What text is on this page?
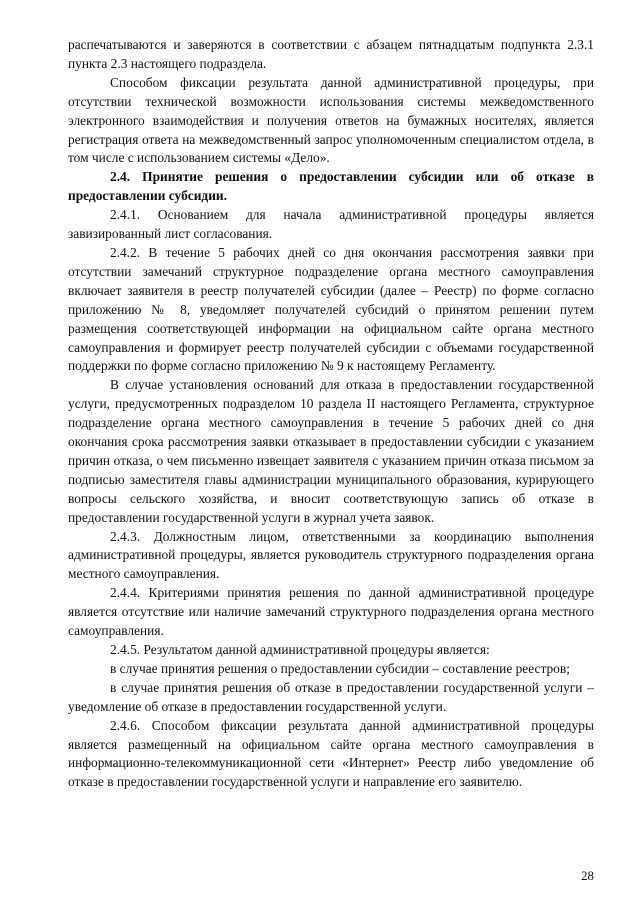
распечатываются и заверяются в соответствии с абзацем пятнадцатым подпункта 2.3.1 пункта 2.3 настоящего подраздела.

Способом фиксации результата данной административной процедуры, при отсутствии технической возможности использования системы межведомственного электронного взаимодействия и получения ответов на бумажных носителях, является регистрация ответа на межведомственный запрос уполномоченным специалистом отдела, в том числе с использованием системы «Дело».

2.4. Принятие решения о предоставлении субсидии или об отказе в предоставлении субсидии.

2.4.1. Основанием для начала административной процедуры является завизированный лист согласования.

2.4.2. В течение 5 рабочих дней со дня окончания рассмотрения заявки при отсутствии замечаний структурное подразделение органа местного самоуправления включает заявителя в реестр получателей субсидии (далее – Реестр) по форме согласно приложению № 8, уведомляет получателей субсидий о принятом решении путем размещения соответствующей информации на официальном сайте органа местного самоуправления и формирует реестр получателей субсидии с объемами государственной поддержки по форме согласно приложению № 9 к настоящему Регламенту.

В случае установления оснований для отказа в предоставлении государственной услуги, предусмотренных подразделом 10 раздела II настоящего Регламента, структурное подразделение органа местного самоуправления в течение 5 рабочих дней со дня окончания срока рассмотрения заявки отказывает в предоставлении субсидии с указанием причин отказа, о чем письменно извещает заявителя с указанием причин отказа письмом за подписью заместителя главы администрации муниципального образования, курирующего вопросы сельского хозяйства, и вносит соответствующую запись об отказе в предоставлении государственной услуги в журнал учета заявок.

2.4.3. Должностным лицом, ответственными за координацию выполнения административной процедуры, является руководитель структурного подразделения органа местного самоуправления.

2.4.4. Критериями принятия решения по данной административной процедуре является отсутствие или наличие замечаний структурного подразделения органа местного самоуправления.

2.4.5. Результатом данной административной процедуры является:

в случае принятия решения о предоставлении субсидии – составление реестров;

в случае принятия решения об отказе в предоставлении государственной услуги – уведомление об отказе в предоставлении государственной услуги.

2.4.6. Способом фиксации результата данной административной процедуры является размещенный на официальном сайте органа местного самоуправления в информационно-телекоммуникационной сети «Интернет» Реестр либо уведомление об отказе в предоставлении государственной услуги и направление его заявителю.

28
